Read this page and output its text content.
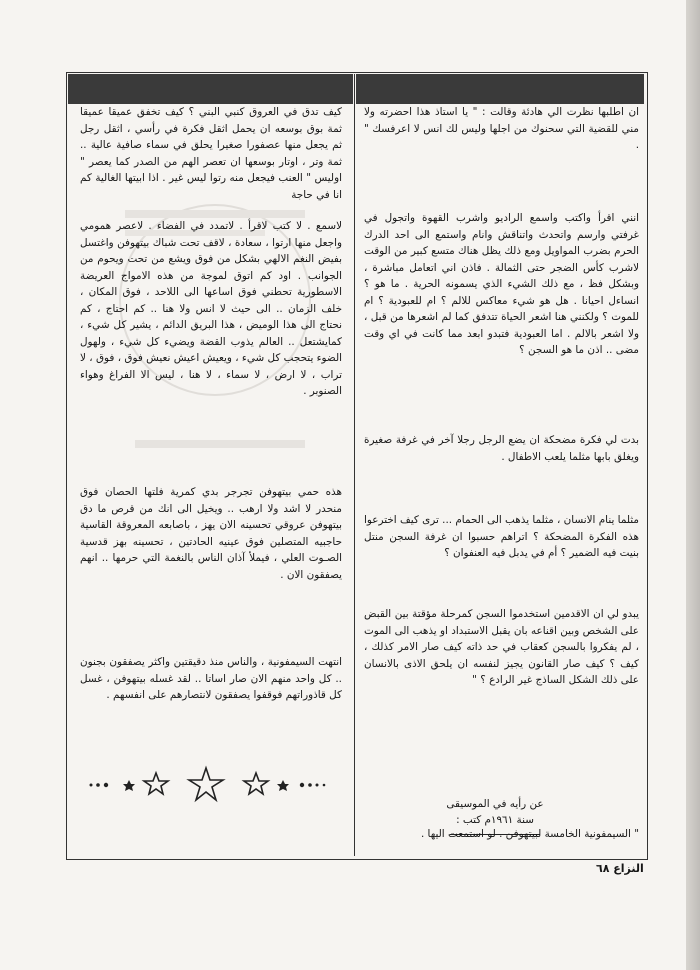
ان اطلبها نظرت الي هادئة وقالت : " يا استاذ هذا احضرته ولا مني للقضية التي سحنوك من اجلها وليس لك انس لا اعرفسك " .

انني اقرأ واكتب واسمع الراديو واشرب القهوة واتجول في غرفتي وارسم واتحدث واتناقش وانام واستمع الى احد الدرك الحرم بضرب المواويل ومع ذلك يظل هناك متسع كبير من الوقت لاشرب كأس الضجر حتى الثمالة . فاذن اني اتعامل مباشرة ، وبشكل فظ ، مع ذلك الشيء الذي يسمونه الحرية . ما هو ؟ انساءل احيانا . هل هو شيء معاكس للالم ؟ ام للعبودية ؟ ام للموت ؟ ولكنني هنا اشعر الحياة تتدفق كما لم اشعرها من قبل ، ولا اشعر بالالم . اما العبودية فتبدو ابعد مما كانت في اي وقت مضى .. اذن ما هو السجن ؟

بدت لي فكرة مضحكة ان يضع الرجل رجلا آخر في غرفة صغيرة ويغلق بابها مثلما يلعب الاطفال .

مثلما ينام الانسان ، مثلما يذهب الى الحمام ... ترى كيف اخترعوا هذه الفكرة المضحكة ؟ اتراهم حسبوا ان غرفة السجن منتل بنيت فيه الضمير ؟ أم في يدبل فيه العنفوان ؟

يبدو لي ان الاقدمين استخدموا السجن كمرحلة مؤقتة بين القبض على الشخص وبين اقناعه بان يقبل الاستبداد او يذهب الى الموت ، لم يفكروا بالسجن كعقاب في حد ذاته كيف صار الامر كذلك ، كيف ؟ كيف صار القانون يجيز لنفسه ان يلحق الاذى بالانسان على ذلك الشكل الساذج غير الرادع ؟ "

كيف تدق في العروق كنبي البني ؟ كيف تخفق عميقا عميقا ثمة بوق بوسعه ان يحمل اثقل فكرة في رأسي ، اثقل رجل ثم يجعل منها عصفورا صغيرا يحلق في سماء صافية عالية .. ثمة وتر ، اوتار بوسعها ان تعصر الهم من الصدر كما يعصر " اوليس " العنب فيجعل منه رتوا ليس غير . اذا ابيتها الغالية كم انا في حاجة

لاسمع . لا كتب لاقرأ . لاتمدد في الفضاء . لاعصر همومي واجعل منها ارتوا ، سعادة ، لاقف تحت شباك بيتهوفن واغتسل بفيض النغم الالهي بشكل من فوق ويشع من تحت ويحوم من الجوانب . اود كم اتوق لموجة من هذه الامواج العريضة الاسطورية تحطني فوق اساعها الى اللاحد ، فوق المكان ، خلف الزمان .. الى حيث لا انس ولا هنا .. كم احتاج ، كم نحتاج الى هذا الوميض ، هذا البريق الدائم ، يشير كل شيء ، كمايشتعل .. العالم يذوب القضة ويضيء كل شيء ، ولهول الضوء يتحجب كل شيء ، ويعيش اعيش نعيش فوق ، فوق ، لا تراب ، لا ارض ، لا سماء ، لا هنا ، ليس الا الفراغ وهواء الصنوبر .

هذه حمي بيتهوفن تجرجر بدي كمرية فلتها الحصان فوق منحدر لا اشد ولا ارهب .. ويخيل الى انك من قرص ما دق بيتهوفن عروقي تحسينه الان يهز ، باصابعه المعروقة القاسية حاجبيه المتصلين فوق عينيه الحادتين ، تحسينه بهز قدسية الصـوت العلي ، فيملأ آذان الناس بالنغمة التي حرمها .. انهم يصفقون الان .

انتهت السيمفونية ، والناس منذ دقيقتين واكثر يصفقون بجنون .. كل واحد منهم الان صار اساتا .. لقد غسله بيتهوفن ، غسل كل قاذوراتهم فوقفوا يصفقون لانتصارهم على انفسهم .

عن رأيه في الموسيقى
سنة ١٩٦١م كتب :
" السيمفونية الخامسة لبيتهوفن . لو استمعت اليها .
النزاع ٦٨
